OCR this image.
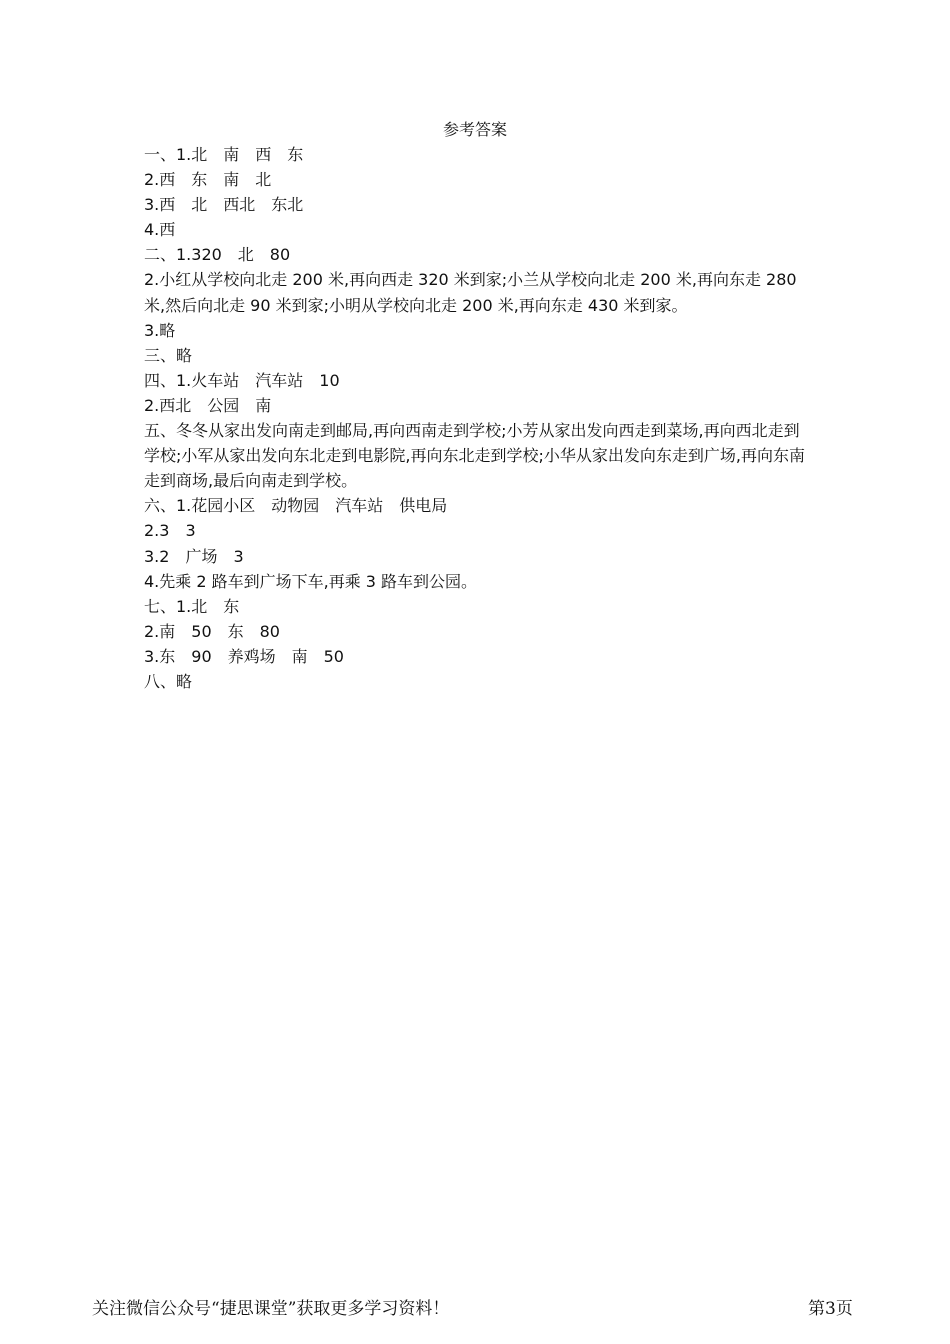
参考答案
一、1.北　南　西　东
2.西　东　南　北
3.西　北　西北　东北
4.西
二、1.320　北　80
2.小红从学校向北走 200 米,再向西走 320 米到家;小兰从学校向北走 200 米,再向东走 280 米,然后向北走 90 米到家;小明从学校向北走 200 米,再向东走 430 米到家。
3.略
三、略
四、1.火车站　汽车站　10
2.西北　公园　南
五、冬冬从家出发向南走到邮局,再向西南走到学校;小芳从家出发向西走到菜场,再向西北走到学校;小军从家出发向东北走到电影院,再向东北走到学校;小华从家出发向东走到广场,再向东南走到商场,最后向南走到学校。
六、1.花园小区　动物园　汽车站　供电局
2.3　3
3.2　广场　3
4.先乘 2 路车到广场下车,再乘 3 路车到公园。
七、1.北　东
2.南　50　东　80
3.东　90　养鸡场　南　50
八、略
关注微信公众号“捷思课堂”获取更多学习资料！	第3页
